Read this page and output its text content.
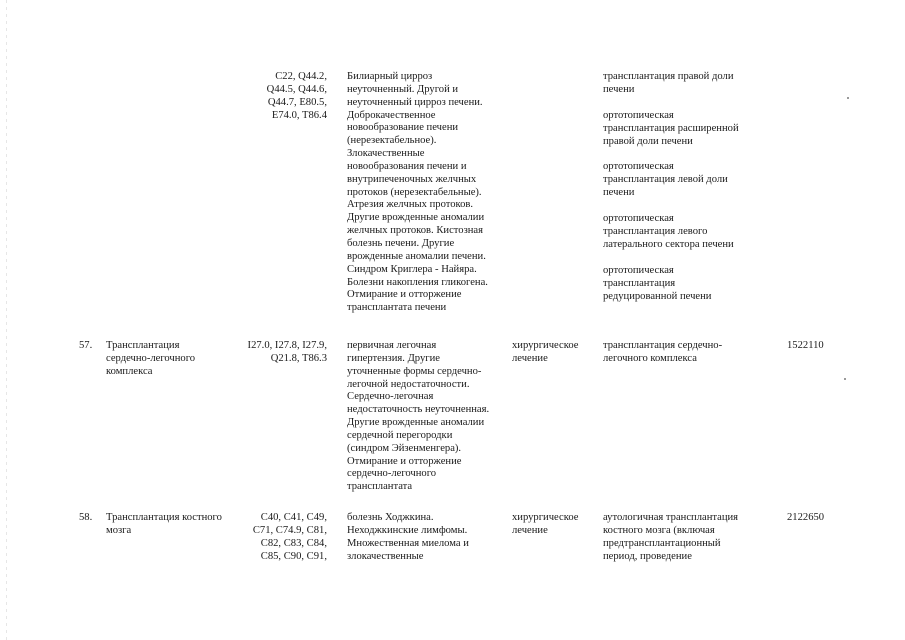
C22, Q44.2,
Q44.5, Q44.6,
Q44.7, E80.5,
E74.0, T86.4
Билиарный цирроз
неуточненный. Другой и
неуточненный цирроз печени.
Доброкачественное
новообразование печени
(нерезектабельное).
Злокачественные
новообразования печени и
внутрипеченочных желчных
протоков (нерезектабельные).
Атрезия желчных протоков.
Другие врожденные аномалии
желчных протоков. Кистозная
болезнь печени. Другие
врожденные аномалии печени.
Синдром Криглера - Найяра.
Болезни накопления гликогена.
Отмирание и отторжение
трансплантата печени
трансплантация правой доли
печени
ортотопическая
трансплантация расширенной
правой доли печени
ортотопическая
трансплантация левой доли
печени
ортотопическая
трансплантация левого
латерального сектора печени
ортотопическая
трансплантация
редуцированной печени
57. Трансплантация
сердечно-легочного
комплекса
I27.0, I27.8, I27.9,
Q21.8, T86.3
первичная легочная
гипертензия. Другие
уточненные формы сердечно-
легочной недостаточности.
Сердечно-легочная
недостаточность неуточненная.
Другие врожденные аномалии
сердечной перегородки
(синдром Эйзенменгера).
Отмирание и отторжение
сердечно-легочного
трансплантата
хирургическое
лечение
трансплантация сердечно-
легочного комплекса
1522110
58. Трансплантация костного
мозга
C40, C41, C49,
C71, C74.9, C81,
C82, C83, C84,
C85, C90, C91,
болезнь Ходжкина.
Неходжкинские лимфомы.
Множественная миелома и
злокачественные
хирургическое
лечение
аутологичная трансплантация
костного мозга (включая
предтрансплантационный
период, проведение
2122650
